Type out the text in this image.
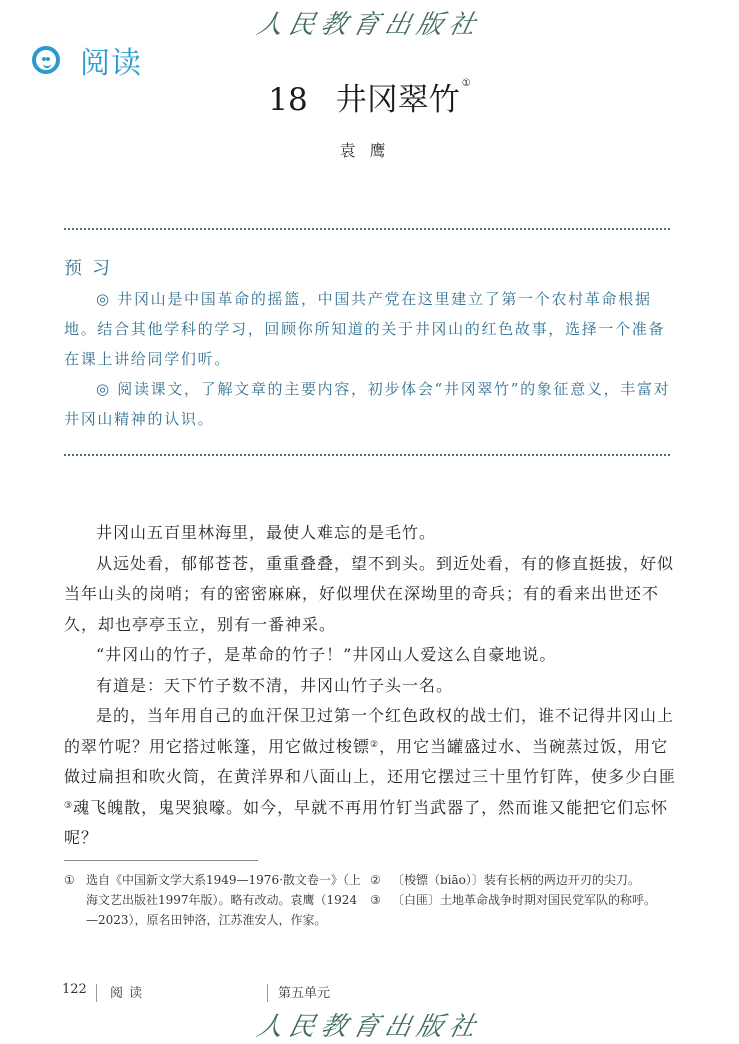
人民教育出版社
阅读
18 井冈翠竹 ①
袁鹰
预习

◎ 井冈山是中国革命的摇篮，中国共产党在这里建立了第一个农村革命根据地。结合其他学科的学习，回顾你所知道的关于井冈山的红色故事，选择一个准备在课上讲给同学们听。

◎ 阅读课文，了解文章的主要内容，初步体会“井冈翠竹”的象征意义，丰富对井冈山精神的认识。

井冈山五百里林海里，最使人难忘的是毛竹。

从远处看，郁郁苍苍，重重叠叠，望不到头。到近处看，有的修直挺拔，好似当年山头的岗哨；有的密密麻麻，好似埋伏在深坳里的奇兵；有的看来出世还不久，却也亭亭玉立，别有一番神采。

“井冈山的竹子，是革命的竹子！”井冈山人爱这么自豪地说。

有道是：天下竹子数不清，井冈山竹子头一名。

是的，当年用自己的血汗保卫过第一个红色政权的战士们，谁不记得井冈山上的翠竹呢？用它搭过帐篷，用它做过梭镖②，用它当罐盛过水、当碗蒸过饭，用它做过扁担和吹火筒，在黄洋界和八面山上，还用它摆过三十里竹钉阵，使多少白匪③魂飞魄散，鬼哭狼嚎。如今，早就不再用竹钉当武器了，然而谁又能把它们忘怀呢？

① 选自《中国新文学大系1949—1976·散文卷一》（上海文艺出版社1997年版）。略有改动。袁鹰（1924—2023），原名田钟洛，江苏淮安人，作家。
② 〔梭镖（biāo）〕装有长柄的两边开刃的尖刀。
③ 〔白匪〕土地革命战争时期对国民党军队的称呼。
122 阅读	第五单元
人民教育出版社
